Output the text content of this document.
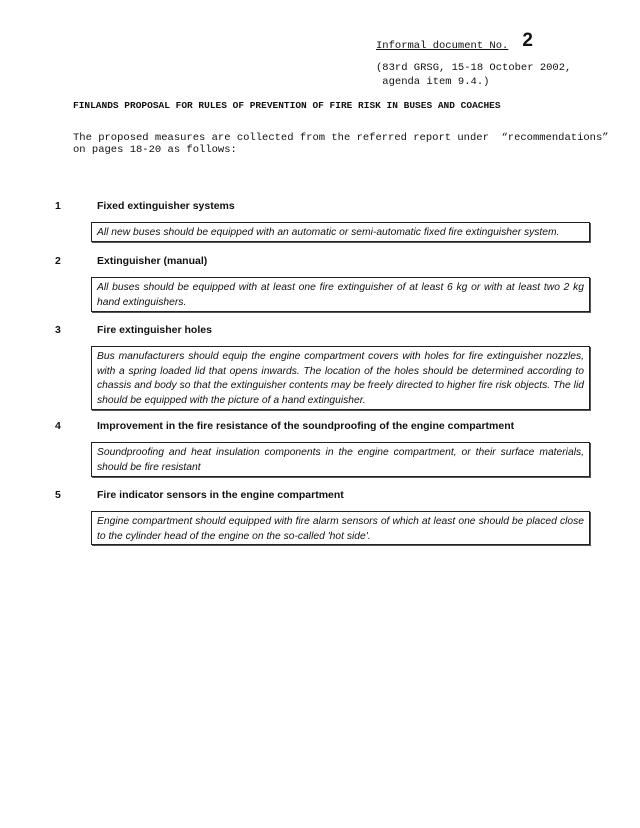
Informal document No. 2
(83rd GRSG, 15-18 October 2002,
agenda item 9.4.)
FINLANDS PROPOSAL FOR RULES OF PREVENTION OF FIRE RISK IN BUSES AND COACHES
The proposed measures are collected from the referred report under  “recommendations”
on pages 18-20 as follows:
1	Fixed extinguisher systems
All new buses should be equipped with an automatic or semi-automatic fixed fire extinguisher system.
2	Extinguisher (manual)
All buses should be equipped with at least one fire extinguisher of at least 6 kg or with at least two 2 kg hand extinguishers.
3	Fire extinguisher holes
Bus manufacturers should equip the engine compartment covers with holes for fire extinguisher nozzles, with a spring loaded lid that opens inwards. The location of the holes should be determined according to chassis and body so that the extinguisher contents may be freely directed to higher fire risk objects. The lid should be equipped with the picture of a hand extinguisher.
4	Improvement in the fire resistance of the soundproofing of the engine compartment
Soundproofing and heat insulation components in the engine compartment, or their surface materials, should be fire resistant
5	Fire indicator sensors in the engine compartment
Engine compartment should equipped with fire alarm sensors of which at least one should be placed close to the cylinder head of the engine on the so-called 'hot side'.
